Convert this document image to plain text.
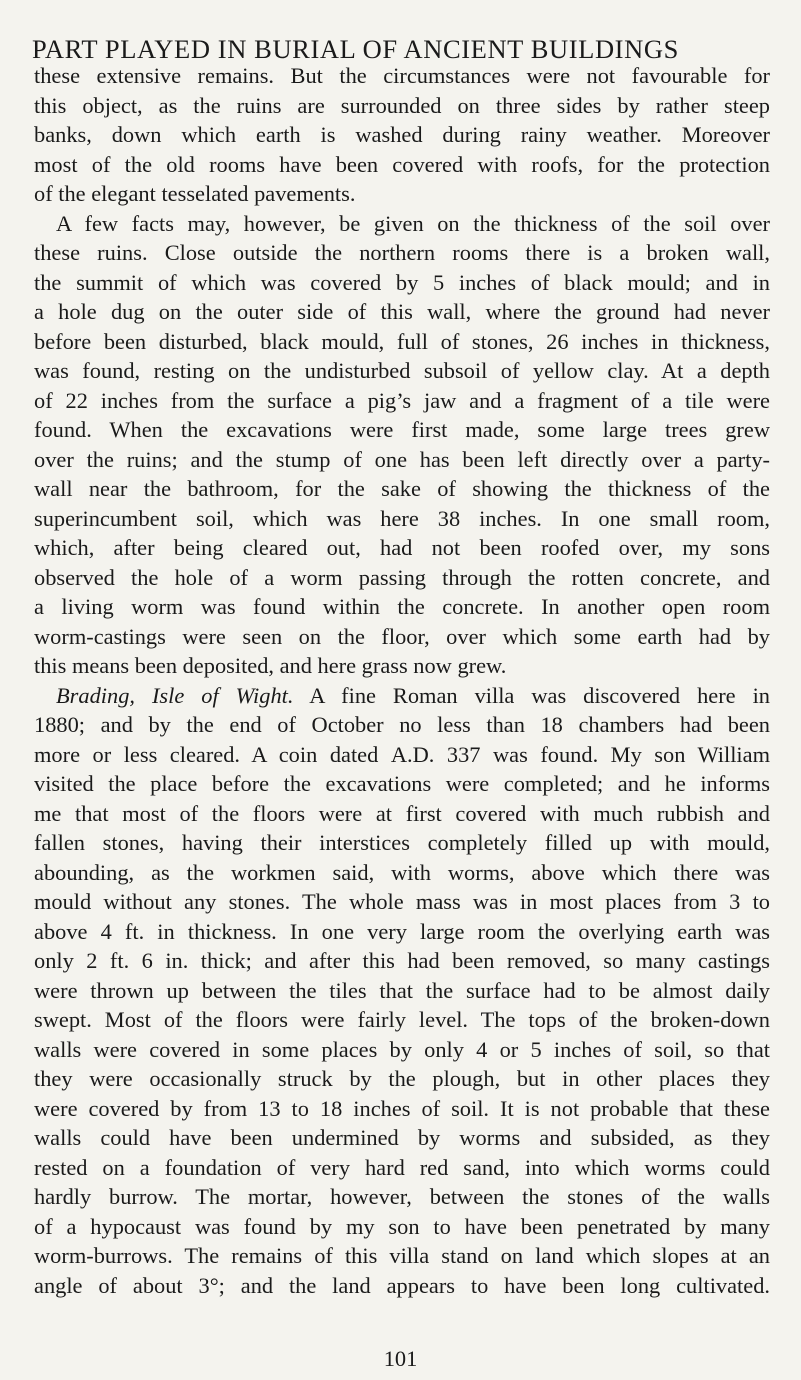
PART PLAYED IN BURIAL OF ANCIENT BUILDINGS
these extensive remains. But the circumstances were not favourable for
this object, as the ruins are surrounded on three sides by rather steep
banks, down which earth is washed during rainy weather. Moreover
most of the old rooms have been covered with roofs, for the protection
of the elegant tesselated pavements.
A few facts may, however, be given on the thickness of the soil over
these ruins. Close outside the northern rooms there is a broken wall,
the summit of which was covered by 5 inches of black mould; and in
a hole dug on the outer side of this wall, where the ground had never
before been disturbed, black mould, full of stones, 26 inches in thickness,
was found, resting on the undisturbed subsoil of yellow clay. At a depth
of 22 inches from the surface a pig’s jaw and a fragment of a tile were
found. When the excavations were first made, some large trees grew
over the ruins; and the stump of one has been left directly over a party-
wall near the bathroom, for the sake of showing the thickness of the
superincumbent soil, which was here 38 inches. In one small room,
which, after being cleared out, had not been roofed over, my sons
observed the hole of a worm passing through the rotten concrete, and
a living worm was found within the concrete. In another open room
worm-castings were seen on the floor, over which some earth had by
this means been deposited, and here grass now grew.
Brading, Isle of Wight. A fine Roman villa was discovered here in
1880; and by the end of October no less than 18 chambers had been
more or less cleared. A coin dated A.D. 337 was found. My son William
visited the place before the excavations were completed; and he informs
me that most of the floors were at first covered with much rubbish and
fallen stones, having their interstices completely filled up with mould,
abounding, as the workmen said, with worms, above which there was
mould without any stones. The whole mass was in most places from 3 to
above 4 ft. in thickness. In one very large room the overlying earth was
only 2 ft. 6 in. thick; and after this had been removed, so many castings
were thrown up between the tiles that the surface had to be almost daily
swept. Most of the floors were fairly level. The tops of the broken-down
walls were covered in some places by only 4 or 5 inches of soil, so that
they were occasionally struck by the plough, but in other places they
were covered by from 13 to 18 inches of soil. It is not probable that these
walls could have been undermined by worms and subsided, as they
rested on a foundation of very hard red sand, into which worms could
hardly burrow. The mortar, however, between the stones of the walls
of a hypocaust was found by my son to have been penetrated by many
worm-burrows. The remains of this villa stand on land which slopes at an
angle of about 3°; and the land appears to have been long cultivated.
101
